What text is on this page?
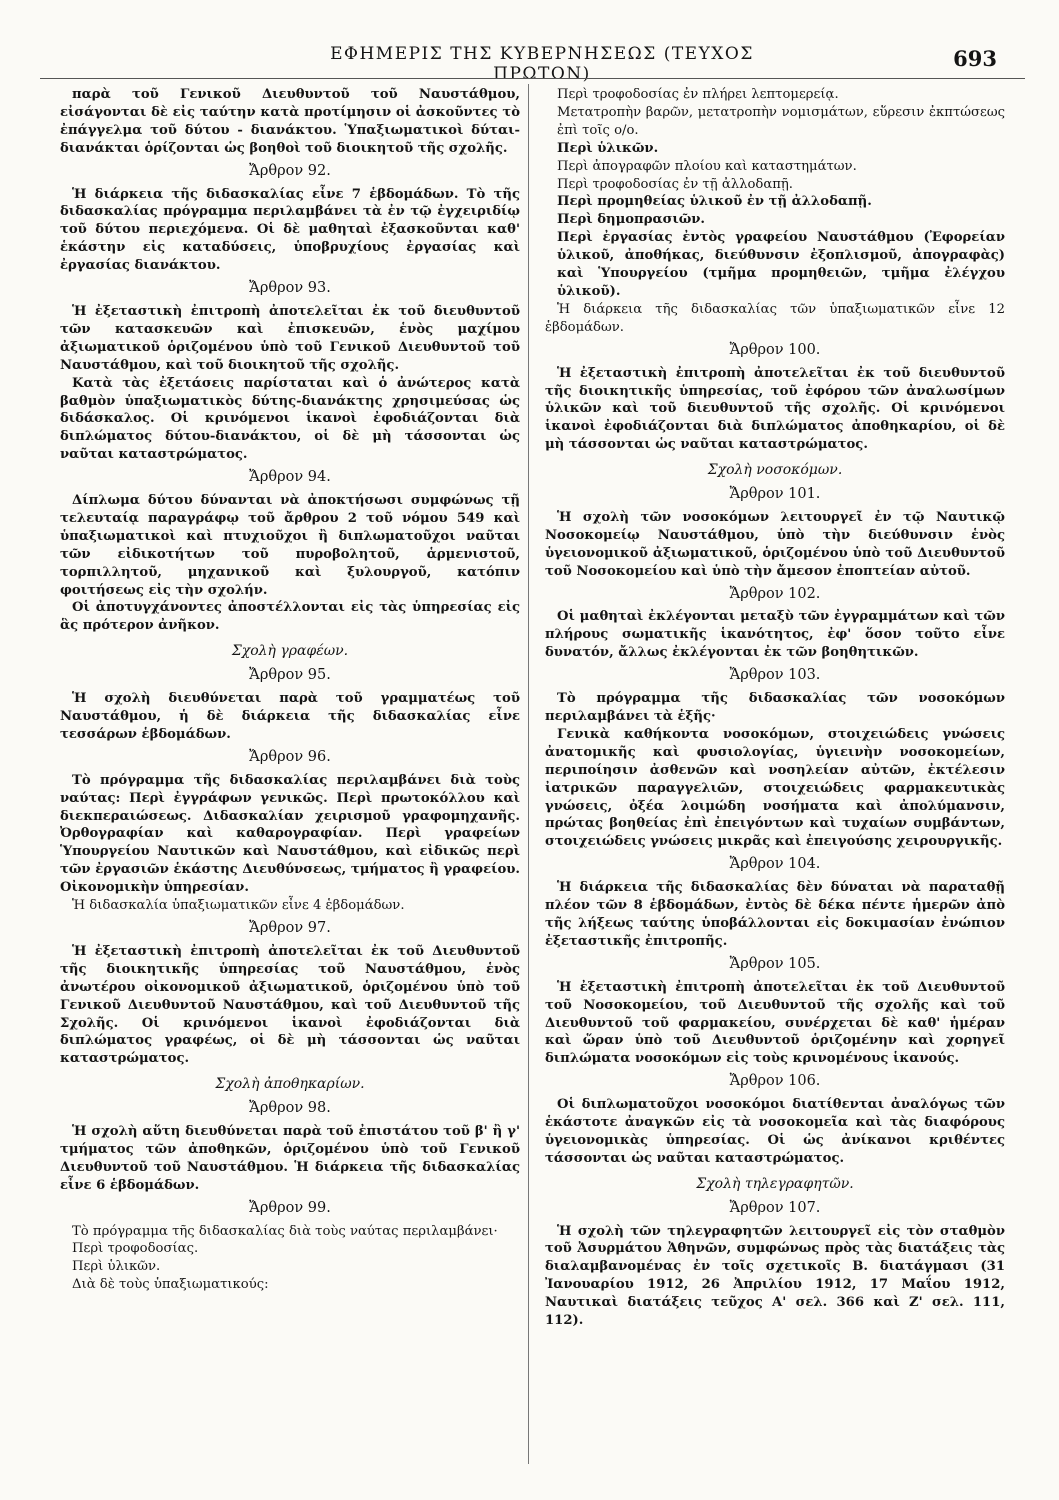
ΕΦΗΜΕΡΙΣ ΤΗΣ ΚΥΒΕΡΝΗΣΕΩΣ (ΤΕΥΧΟΣ ΠΡΩΤΟΝ)
693
παρὰ τοῦ Γενικοῦ Διευθυντοῦ τοῦ Ναυστάθμου, εἰσάγονται δὲ εἰς ταύτην κατὰ προτίμησιν οἱ ἀσκοῦντες τὸ ἐπάγγελμα τοῦ δύτου - διανάκτου. Ὑπαξιωματικοὶ δύται-διανάκται ὁρίζονται ὡς βοηθοὶ τοῦ διοικητοῦ τῆς σχολῆς.
Ἄρθρον 92.
Ἡ διάρκεια τῆς διδασκαλίας εἶνε 7 ἑβδομάδων. Τὸ τῆς διδασκαλίας πρόγραμμα περιλαμβάνει τὰ ἐν τῷ ἐγχειριδίῳ τοῦ δύτου περιεχόμενα. Οἱ δὲ μαθηταὶ ἐξασκοῦνται καθ' ἑκάστην εἰς καταδύσεις, ὑποβρυχίους ἐργασίας καὶ ἐργασίας διανάκτου.
Ἄρθρον 93.
Ἡ ἐξεταστικὴ ἐπιτροπὴ ἀποτελεῖται ἐκ τοῦ διευθυντοῦ τῶν κατασκευῶν καὶ ἐπισκευῶν, ἑνὸς μαχίμου ἀξιωματικοῦ ὁριζομένου ὑπὸ τοῦ Γενικοῦ Διευθυντοῦ τοῦ Ναυστάθμου, καὶ τοῦ διοικητοῦ τῆς σχολῆς.
Κατὰ τὰς ἐξετάσεις παρίσταται καὶ ὁ ἀνώτερος κατὰ βαθμὸν ὑπαξιωματικὸς δύτης-διανάκτης χρησιμεύσας ὡς διδάσκαλος. Οἱ κρινόμενοι ἱκανοὶ ἐφοδιάζονται διὰ διπλώματος δύτου-διανάκτου, οἱ δὲ μὴ τάσσονται ὡς ναῦται καταστρώματος.
Ἄρθρον 94.
Δίπλωμα δύτου δύνανται νὰ ἀποκτήσωσι συμφώνως τῇ τελευταίᾳ παραγράφῳ τοῦ ἄρθρου 2 τοῦ νόμου 549 καὶ ὑπαξιωματικοὶ καὶ πτυχιοῦχοι ἢ διπλωματοῦχοι ναῦται τῶν εἰδικοτήτων τοῦ πυροβολητοῦ, ἁρμενιστοῦ, τορπιλλητοῦ, μηχανικοῦ καὶ ξυλουργοῦ, κατόπιν φοιτήσεως εἰς τὴν σχολήν.
Οἱ ἀποτυγχάνοντες ἀποστέλλονται εἰς τὰς ὑπηρεσίας εἰς ἃς πρότερον ἀνῆκον.
Σχολὴ γραφέων.
Ἄρθρον 95.
Ἡ σχολὴ διευθύνεται παρὰ τοῦ γραμματέως τοῦ Ναυστάθμου, ἡ δὲ διάρκεια τῆς διδασκαλίας εἶνε τεσσάρων ἑβδομάδων.
Ἄρθρον 96.
Τὸ πρόγραμμα τῆς διδασκαλίας περιλαμβάνει διὰ τοὺς ναύτας: Περὶ ἐγγράφων γενικῶς. Περὶ πρωτοκόλλου καὶ διεκπεραιώσεως. Διδασκαλίαν χειρισμοῦ γραφομηχανῆς. Ὀρθογραφίαν καὶ καθαρογραφίαν. Περὶ γραφείων Ὑπουργείου Ναυτικῶν καὶ Ναυστάθμου, καὶ εἰδικῶς περὶ τῶν ἐργασιῶν ἑκάστης Διευθύνσεως, τμήματος ἢ γραφείου. Οἰκονομικὴν ὑπηρεσίαν.
Ἡ διδασκαλία ὑπαξιωματικῶν εἶνε 4 ἑβδομάδων.
Ἄρθρον 97.
Ἡ ἐξεταστικὴ ἐπιτροπὴ ἀποτελεῖται ἐκ τοῦ Διευθυντοῦ τῆς διοικητικῆς ὑπηρεσίας τοῦ Ναυστάθμου, ἑνὸς ἀνωτέρου οἰκονομικοῦ ἀξιωματικοῦ, ὁριζομένου ὑπὸ τοῦ Γενικοῦ Διευθυντοῦ Ναυστάθμου, καὶ τοῦ Διευθυντοῦ τῆς Σχολῆς. Οἱ κρινόμενοι ἱκανοὶ ἐφοδιάζονται διὰ διπλώματος γραφέως, οἱ δὲ μὴ τάσσονται ὡς ναῦται καταστρώματος.
Σχολὴ ἀποθηκαρίων.
Ἄρθρον 98.
Ἡ σχολὴ αὕτη διευθύνεται παρὰ τοῦ ἐπιστάτου τοῦ β' ἢ γ' τμήματος τῶν ἀποθηκῶν, ὁριζομένου ὑπὸ τοῦ Γενικοῦ Διευθυντοῦ τοῦ Ναυστάθμου. Ἡ διάρκεια τῆς διδασκαλίας εἶνε 6 ἑβδομάδων.
Ἄρθρον 99.
Τὸ πρόγραμμα τῆς διδασκαλίας διὰ τοὺς ναύτας περιλαμβάνει·
Περὶ τροφοδοσίας.
Περὶ ὑλικῶν.
Διὰ δὲ τοὺς ὑπαξιωματικούς:
Περὶ τροφοδοσίας ἐν πλήρει λεπτομερείᾳ.
Μετατροπὴν βαρῶν, μετατροπὴν νομισμάτων, εὕρεσιν ἐκπτώσεως ἐπὶ τοῖς ο/ο.
Περὶ ὑλικῶν.
Περὶ ἀπογραφῶν πλοίου καὶ καταστημάτων.
Περὶ τροφοδοσίας ἐν τῇ ἀλλοδαπῇ.
Περὶ προμηθείας ὑλικοῦ ἐν τῇ ἀλλοδαπῇ.
Περὶ δημοπρασιῶν.
Περὶ ἐργασίας ἐντὸς γραφείου Ναυστάθμου (Ἐφορείαν ὑλικοῦ, ἀποθήκας, διεύθυνσιν ἐξοπλισμοῦ, ἀπογραφὰς) καὶ Ὑπουργείου (τμῆμα προμηθειῶν, τμῆμα ἐλέγχου ὑλικοῦ).
Ἡ διάρκεια τῆς διδασκαλίας τῶν ὑπαξιωματικῶν εἶνε 12 ἑβδομάδων.
Ἄρθρον 100.
Ἡ ἐξεταστικὴ ἐπιτροπὴ ἀποτελεῖται ἐκ τοῦ διευθυντοῦ τῆς διοικητικῆς ὑπηρεσίας, τοῦ ἐφόρου τῶν ἀναλωσίμων ὑλικῶν καὶ τοῦ διευθυντοῦ τῆς σχολῆς. Οἱ κρινόμενοι ἱκανοὶ ἐφοδιάζονται διὰ διπλώματος ἀποθηκαρίου, οἱ δὲ μὴ τάσσονται ὡς ναῦται καταστρώματος.
Σχολὴ νοσοκόμων.
Ἄρθρον 101.
Ἡ σχολὴ τῶν νοσοκόμων λειτουργεῖ ἐν τῷ Ναυτικῷ Νοσοκομείῳ Ναυστάθμου, ὑπὸ τὴν διεύθυνσιν ἑνὸς ὑγειονομικοῦ ἀξιωματικοῦ, ὁριζομένου ὑπὸ τοῦ Διευθυντοῦ τοῦ Νοσοκομείου καὶ ὑπὸ τὴν ἄμεσον ἐποπτείαν αὐτοῦ.
Ἄρθρον 102.
Οἱ μαθηταὶ ἐκλέγονται μεταξὺ τῶν ἐγγραμμάτων καὶ τῶν πλήρους σωματικῆς ἱκανότητος, ἐφ' ὅσον τοῦτο εἶνε δυνατόν, ἄλλως ἐκλέγονται ἐκ τῶν βοηθητικῶν.
Ἄρθρον 103.
Τὸ πρόγραμμα τῆς διδασκαλίας τῶν νοσοκόμων περιλαμβάνει τὰ ἑξῆς·
Γενικὰ καθήκοντα νοσοκόμων, στοιχειώδεις γνώσεις ἀνατομικῆς καὶ φυσιολογίας, ὑγιεινὴν νοσοκομείων, περιποίησιν ἀσθενῶν καὶ νοσηλείαν αὐτῶν, ἐκτέλεσιν ἰατρικῶν παραγγελιῶν, στοιχειώδεις φαρμακευτικὰς γνώσεις, ὀξέα λοιμώδη νοσήματα καὶ ἀπολύμανσιν, πρώτας βοηθείας ἐπὶ ἐπειγόντων καὶ τυχαίων συμβάντων, στοιχειώδεις γνώσεις μικρᾶς καὶ ἐπειγούσης χειρουργικῆς.
Ἄρθρον 104.
Ἡ διάρκεια τῆς διδασκαλίας δὲν δύναται νὰ παραταθῇ πλέον τῶν 8 ἑβδομάδων, ἐντὸς δὲ δέκα πέντε ἡμερῶν ἀπὸ τῆς λήξεως ταύτης ὑποβάλλονται εἰς δοκιμασίαν ἐνώπιον ἐξεταστικῆς ἐπιτροπῆς.
Ἄρθρον 105.
Ἡ ἐξεταστικὴ ἐπιτροπὴ ἀποτελεῖται ἐκ τοῦ Διευθυντοῦ τοῦ Νοσοκομείου, τοῦ Διευθυντοῦ τῆς σχολῆς καὶ τοῦ Διευθυντοῦ τοῦ φαρμακείου, συνέρχεται δὲ καθ' ἡμέραν καὶ ὥραν ὑπὸ τοῦ Διευθυντοῦ ὁριζομένην καὶ χορηγεῖ διπλώματα νοσοκόμων εἰς τοὺς κρινομένους ἱκανούς.
Ἄρθρον 106.
Οἱ διπλωματοῦχοι νοσοκόμοι διατίθενται ἀναλόγως τῶν ἑκάστοτε ἀναγκῶν εἰς τὰ νοσοκομεῖα καὶ τὰς διαφόρους ὑγειονομικὰς ὑπηρεσίας. Οἱ ὡς ἀνίκανοι κριθέντες τάσσονται ὡς ναῦται καταστρώματος.
Σχολὴ τηλεγραφητῶν.
Ἄρθρον 107.
Ἡ σχολὴ τῶν τηλεγραφητῶν λειτουργεῖ εἰς τὸν σταθμὸν τοῦ Ἀσυρμάτου Ἀθηνῶν, συμφώνως πρὸς τὰς διατάξεις τὰς διαλαμβανομένας ἐν τοῖς σχετικοῖς Β. διατάγμασι (31 Ἰανουαρίου 1912, 26 Ἀπριλίου 1912, 17 Μαΐου 1912, Ναυτικαὶ διατάξεις τεῦχος Α' σελ. 366 καὶ Ζ' σελ. 111, 112).
